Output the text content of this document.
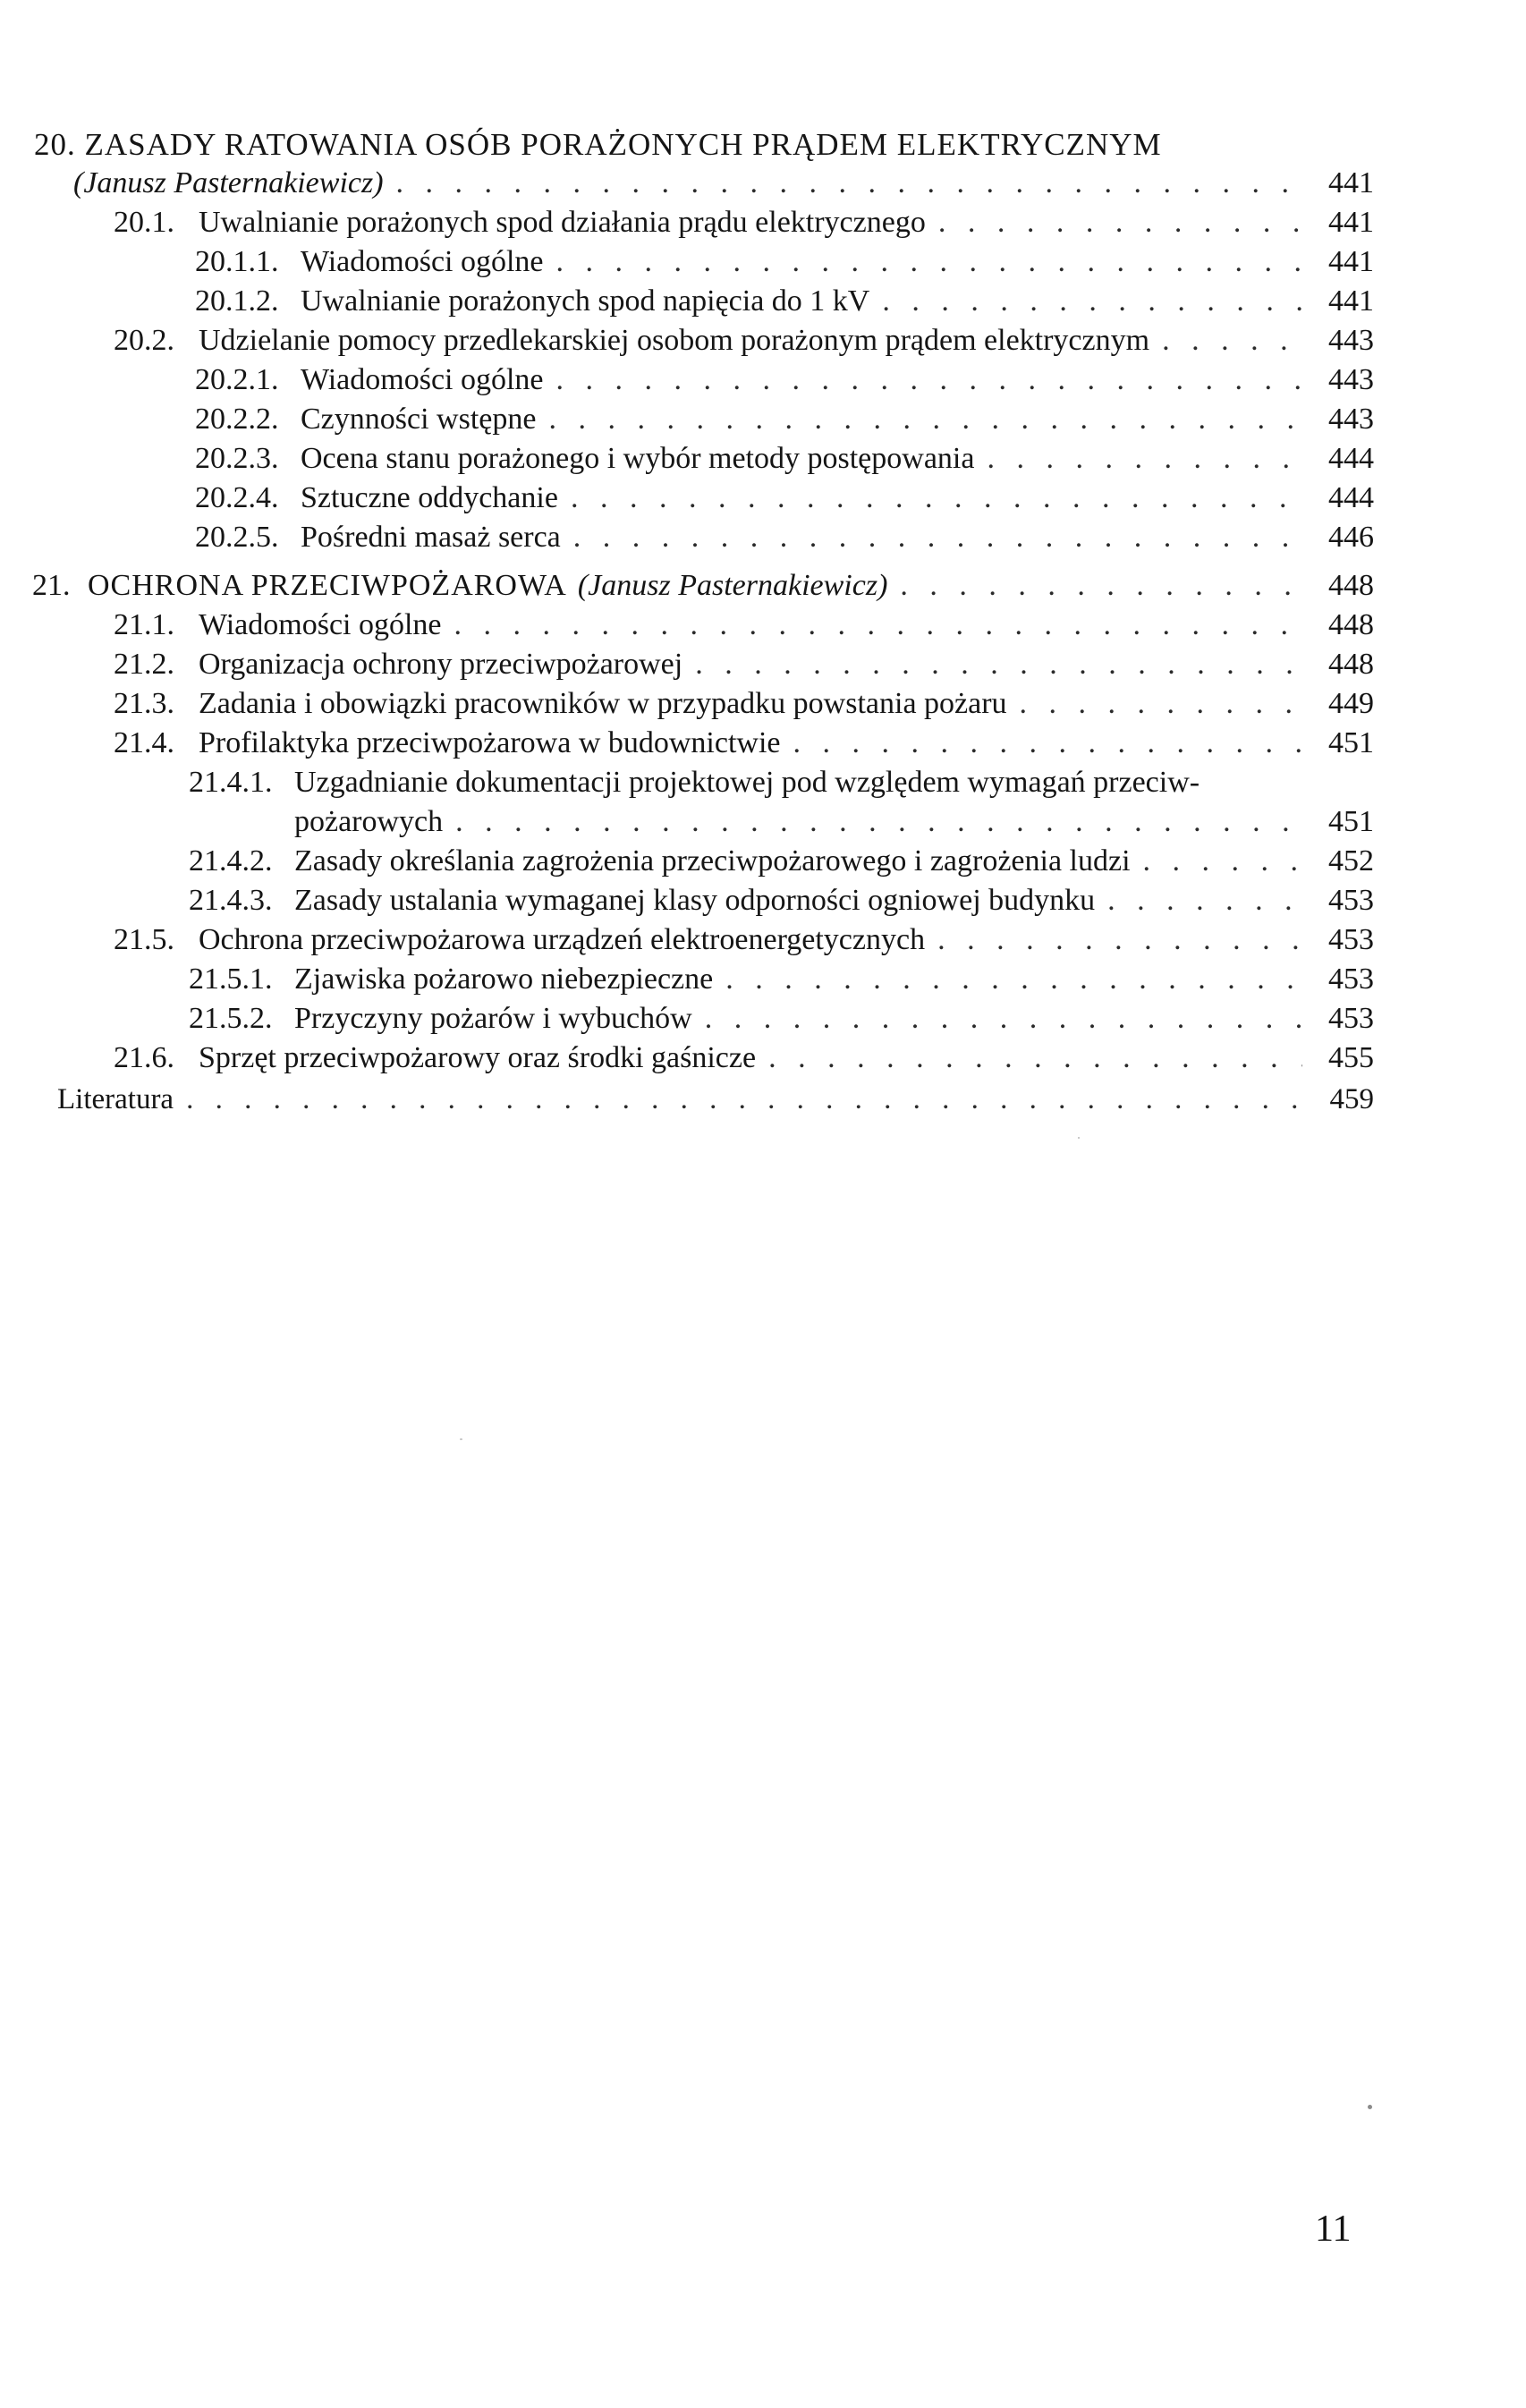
20. ZASADY RATOWANIA OSÓB PORAŻONYCH PRĄDEM ELEKTRYCZNYM
(Janusz Pasternakiewicz) . . .	441
20.1. Uwalnianie porażonych spod działania prądu elektrycznego . . .	441
20.1.1. Wiadomości ogólne . . .	441
20.1.2. Uwalnianie porażonych spod napięcia do 1 kV . . .	441
20.2. Udzielanie pomocy przedlekarskiej osobom porażonym prądem elektrycznym . . .	443
20.2.1. Wiadomości ogólne . . .	443
20.2.2. Czynności wstępne . . .	443
20.2.3. Ocena stanu porażonego i wybór metody postępowania . . .	444
20.2.4. Sztuczne oddychanie . . .	444
20.2.5. Pośredni masaż serca . . .	446
21. OCHRONA PRZECIWPOŻAROWA (Janusz Pasternakiewicz) . . .	448
21.1. Wiadomości ogólne . . .	448
21.2. Organizacja ochrony przeciwpożarowej . . .	448
21.3. Zadania i obowiązki pracowników w przypadku powstania pożaru . . .	449
21.4. Profilaktyka przeciwpożarowa w budownictwie . . .	451
21.4.1. Uzgadnianie dokumentacji projektowej pod względem wymagań przeciw-
pożarowych . . .	451
21.4.2. Zasady określania zagrożenia przeciwpożarowego i zagrożenia ludzi . . .	452
21.4.3. Zasady ustalania wymaganej klasy odporności ogniowej budynku . . .	453
21.5. Ochrona przeciwpożarowa urządzeń elektroenergetycznych . . .	453
21.5.1. Zjawiska pożarowo niebezpieczne . . .	453
21.5.2. Przyczyny pożarów i wybuchów . . .	453
21.6. Sprzęt przeciwpożarowy oraz środki gaśnicze . . .	455
Literatura . . .	459
11
